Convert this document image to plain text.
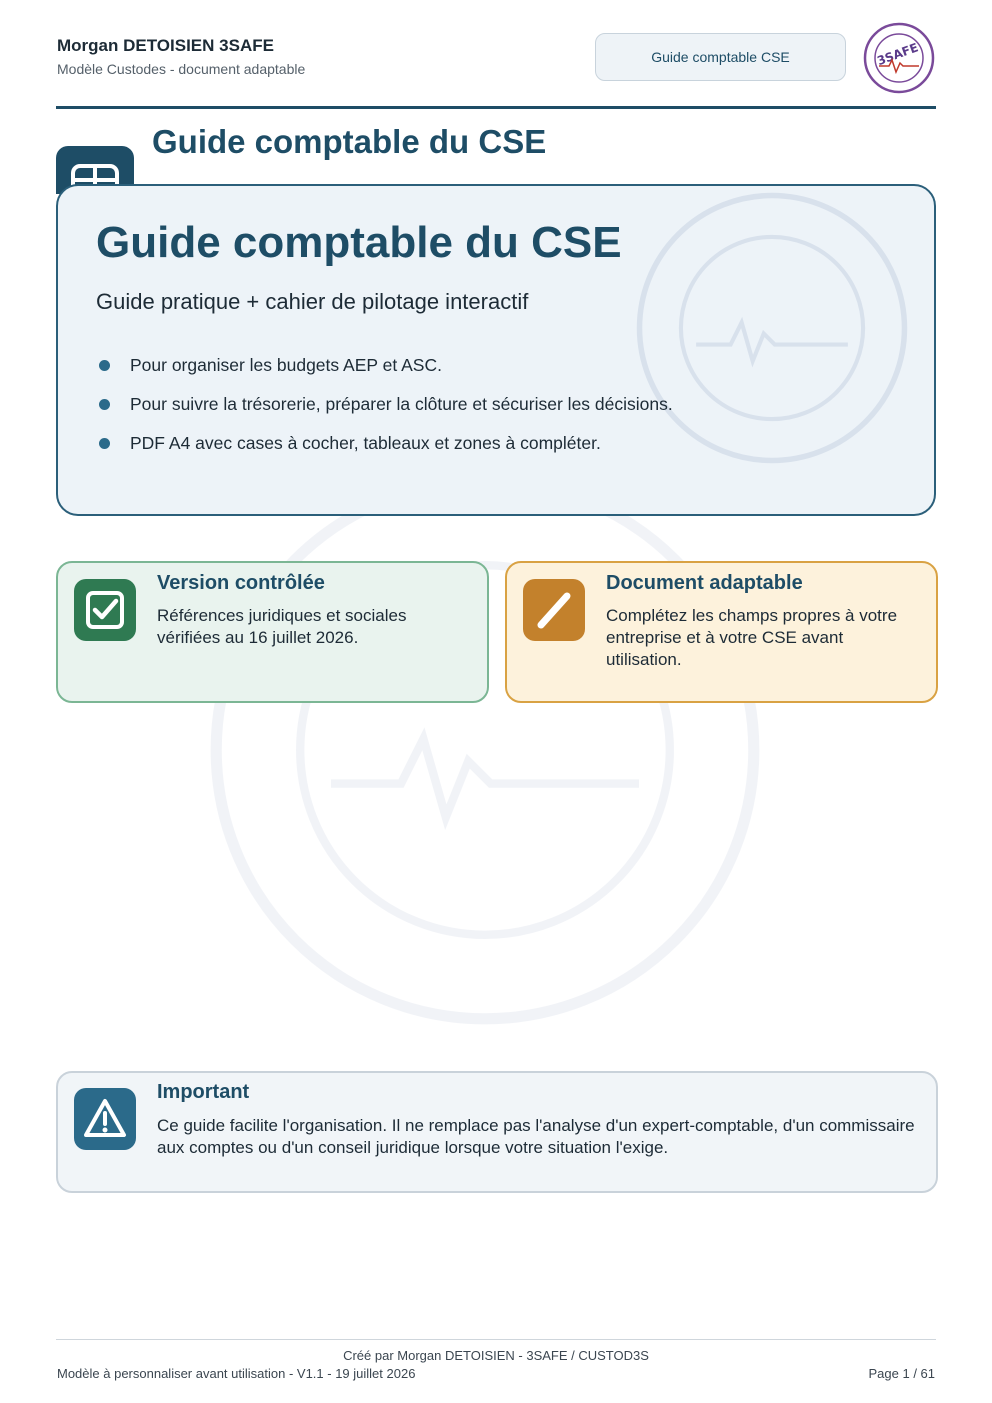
Morgan DETOISIEN 3SAFE
Modèle Custodes - document adaptable
Guide comptable CSE	3SAFE
Guide comptable du CSE
Guide comptable du CSE
Guide pratique + cahier de pilotage interactif
Pour organiser les budgets AEP et ASC.
Pour suivre la trésorerie, préparer la clôture et sécuriser les décisions.
PDF A4 avec cases à cocher, tableaux et zones à compléter.
Version contrôlée
Références juridiques et sociales vérifiées au 16 juillet 2026.
Document adaptable
Complétez les champs propres à votre entreprise et à votre CSE avant utilisation.
Important
Ce guide facilite l'organisation. Il ne remplace pas l'analyse d'un expert-comptable, d'un commissaire aux comptes ou d'un conseil juridique lorsque votre situation l'exige.
Créé par Morgan DETOISIEN - 3SAFE / CUSTOD3S
Modèle à personnaliser avant utilisation - V1.1 - 19 juillet 2026	Page 1 / 61
